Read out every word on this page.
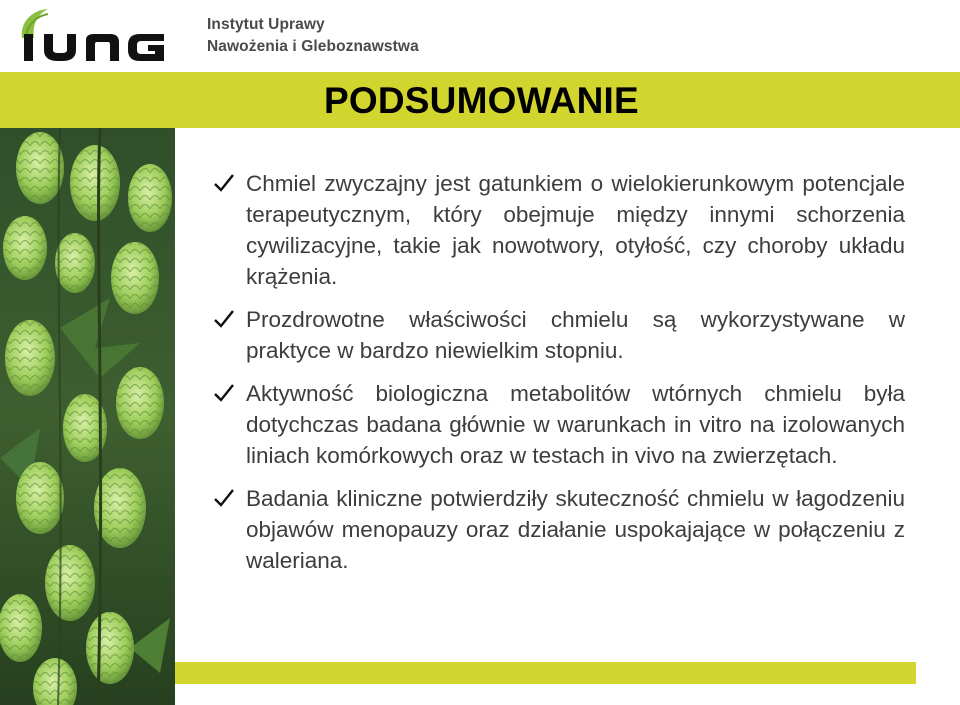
Instytut Uprawy
Nawożenia i Gleboznawstwa
PODSUMOWANIE
Chmiel zwyczajny jest gatunkiem o wielokierunkowym potencjale terapeutycznym, który obejmuje między innymi schorzenia cywilizacyjne, takie jak nowotwory, otyłość, czy choroby układu krążenia.
Prozdrowotne właściwości chmielu są wykorzystywane w praktyce w bardzo niewielkim stopniu.
Aktywność biologiczna metabolitów wtórnych chmielu była dotychczas badana głównie w warunkach in vitro na izolowanych liniach komórkowych oraz w testach in vivo na zwierzętach.
Badania kliniczne potwierdziły skuteczność chmielu w łagodzeniu objawów menopauzy oraz działanie uspokajające w połączeniu z waleriana.
